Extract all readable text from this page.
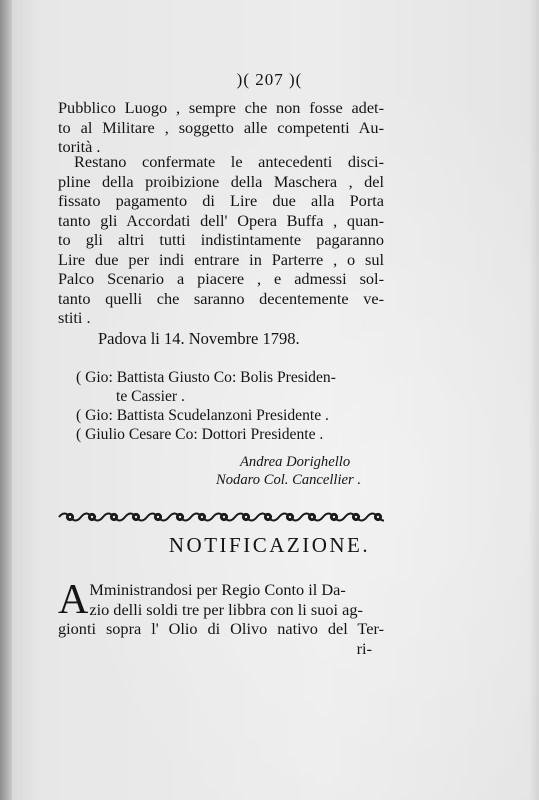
)( 207 )(
Pubblico Luogo , sempre che non fosse adet-
to al Militare , soggetto alle competenti Au-
torità .
Restano confermate le antecedenti disci-
pline della proibizione della Maschera , del
fissato pagamento di Lire due alla Porta
tanto gli Accordati dell' Opera Buffa , quan-
to gli altri tutti indistintamente pagaranno
Lire due per indi entrare in Parterre , o sul
Palco Scenario a piacere , e admessi sol-
tanto quelli che saranno decentemente ve-
stiti .
Padova li 14. Novembre 1798.
( Gio: Battista Giusto Co: Bolis Presiden-
te Cassier .
( Gio: Battista Scudelanzoni Presidente .
( Giulio Cesare Co: Dottori Presidente .
Andrea Dorighello
Nodaro Col. Cancellier .
NOTIFICAZIONE.
A Mministrandosi per Regio Conto il Da-
zio delli soldi tre per libbra con li suoi ag-
gionti sopra l' Olio di Olivo nativo del Ter-
ri-
